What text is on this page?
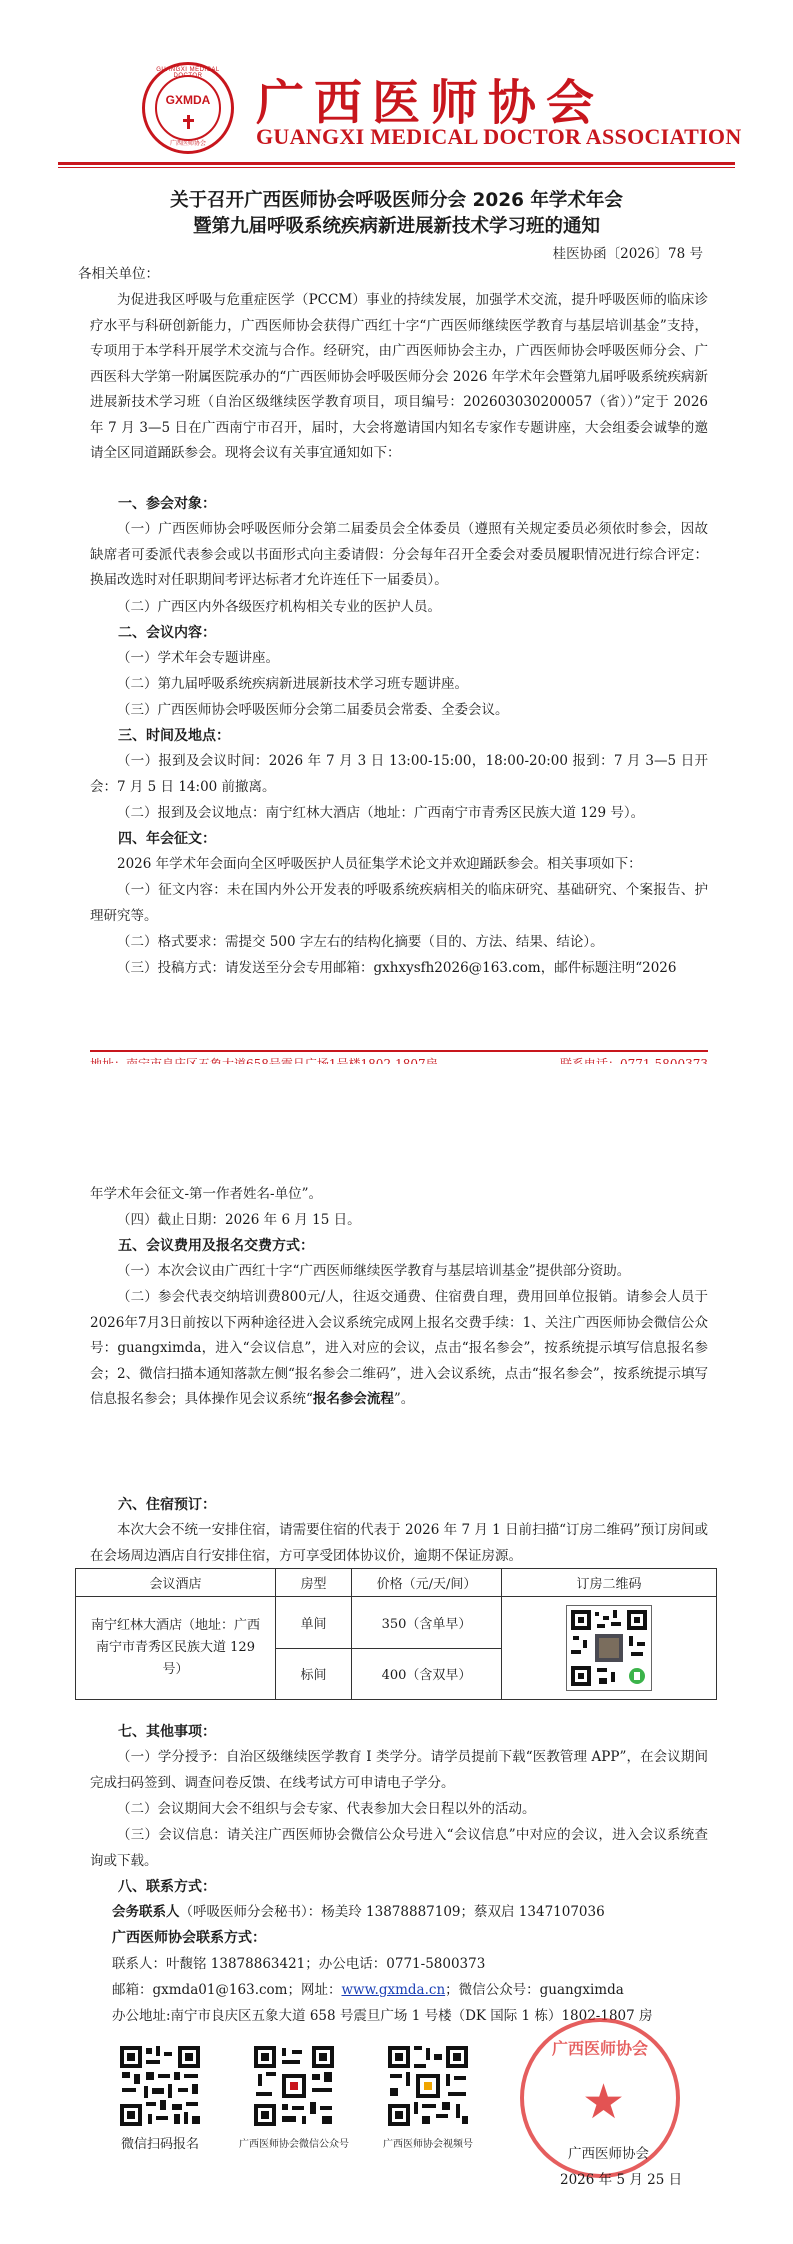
GUANGXI MEDICAL DOCTOR
GXMDA
广西医师协会
广西医师协会
GUANGXI MEDICAL DOCTOR ASSOCIATION
关于召开广西医师协会呼吸医师分会 2026 年学术年会
暨第九届呼吸系统疾病新进展新技术学习班的通知
桂医协函〔2026〕78 号
各相关单位：
为促进我区呼吸与危重症医学（PCCM）事业的持续发展，加强学术交流，提升呼吸医师的临床诊疗水平与科研创新能力，广西医师协会获得广西红十字“广西医师继续医学教育与基层培训基金”支持，专项用于本学科开展学术交流与合作。经研究，由广西医师协会主办，广西医师协会呼吸医师分会、广西医科大学第一附属医院承办的“广西医师协会呼吸医师分会 2026 年学术年会暨第九届呼吸系统疾病新进展新技术学习班（自治区级继续医学教育项目，项目编号：202603030200057（省））”定于 2026 年 7 月 3—5 日在广西南宁市召开，届时，大会将邀请国内知名专家作专题讲座，大会组委会诚挚的邀请全区同道踊跃参会。现将会议有关事宜通知如下：
一、参会对象：
（一）广西医师协会呼吸医师分会第二届委员会全体委员（遵照有关规定委员必须依时参会，因故缺席者可委派代表参会或以书面形式向主委请假：分会每年召开全委会对委员履职情况进行综合评定：换届改选时对任职期间考评达标者才允许连任下一届委员）。
（二）广西区内外各级医疗机构相关专业的医护人员。
二、会议内容：
（一）学术年会专题讲座。
（二）第九届呼吸系统疾病新进展新技术学习班专题讲座。
（三）广西医师协会呼吸医师分会第二届委员会常委、全委会议。
三、时间及地点：
（一）报到及会议时间：2026 年 7 月 3 日 13:00-15:00，18:00-20:00 报到：7 月 3—5 日开会：7 月 5 日 14:00 前撤离。
（二）报到及会议地点：南宁红林大酒店（地址：广西南宁市青秀区民族大道 129 号）。
四、年会征文：
2026 年学术年会面向全区呼吸医护人员征集学术论文并欢迎踊跃参会。相关事项如下：
（一）征文内容：未在国内外公开发表的呼吸系统疾病相关的临床研究、基础研究、个案报告、护理研究等。
（二）格式要求：需提交 500 字左右的结构化摘要（目的、方法、结果、结论）。
（三）投稿方式：请发送至分会专用邮箱：gxhxysfh2026@163.com，邮件标题注明“2026
年学术年会征文-第一作者姓名-单位”。
（四）截止日期：2026 年 6 月 15 日。
五、会议费用及报名交费方式：
（一）本次会议由广西红十字“广西医师继续医学教育与基层培训基金”提供部分资助。
（二）参会代表交纳培训费800元/人，往返交通费、住宿费自理，费用回单位报销。请参会人员于2026年7月3日前按以下两种途径进入会议系统完成网上报名交费手续：1、关注广西医师协会微信公众号：guangximda，进入“会议信息”，进入对应的会议，点击“报名参会”，按系统提示填写信息报名参会；2、微信扫描本通知落款左侧“报名参会二维码”，进入会议系统，点击“报名参会”，按系统提示填写信息报名参会；具体操作见会议系统“报名参会流程”。
六、住宿预订：
本次大会不统一安排住宿，请需要住宿的代表于 2026 年 7 月 1 日前扫描“订房二维码”预订房间或在会场周边酒店自行安排住宿，方可享受团体协议价，逾期不保证房源。
会议酒店	房型	价格（元/天/间）	订房二维码
南宁红林大酒店（地址：广西南宁市青秀区民族大道 129 号）	单间	350（含单早）	

	标间	400（含双早）	
七、其他事项：
（一）学分授予：自治区级继续医学教育 I 类学分。请学员提前下载“医教管理 APP”，在会议期间完成扫码签到、调查问卷反馈、在线考试方可申请电子学分。
（二）会议期间大会不组织与会专家、代表参加大会日程以外的活动。
（三）会议信息：请关注广西医师协会微信公众号进入“会议信息”中对应的会议，进入会议系统查询或下载。
八、联系方式：
会务联系人（呼吸医师分会秘书）：杨美玲 13878887109；蔡双启 1347107036
广西医师协会联系方式：
联系人：叶馥铭 13878863421；办公电话：0771-5800373
邮箱：gxmda01@163.com；网址：www.gxmda.cn；微信公众号：guangximda
办公地址:南宁市良庆区五象大道 658 号震旦广场 1 号楼（DK 国际 1 栋）1802-1807 房
微信扫码报名	广西医师协会微信公众号	广西医师协会视频号
广西医师协会
★
广西医师协会
2026 年 5 月 25 日
